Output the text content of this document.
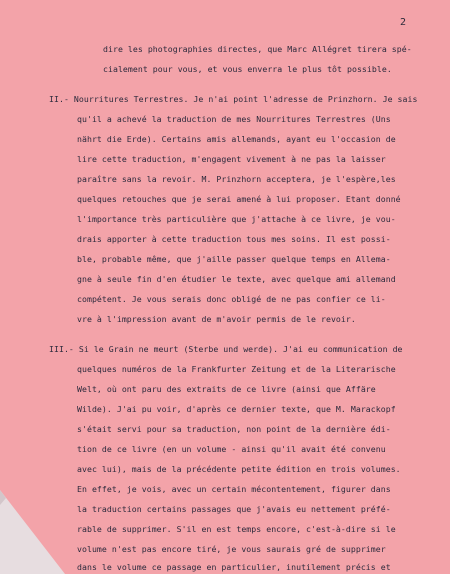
2
dire les photographies directes, que Marc Allégret tirera spé-
cialement pour vous, et vous enverra le plus tôt possible.
II.- Nourritures Terrestres. Je n'ai point l'adresse de Prinzhorn. Je sais
qu'il a achevé la traduction de mes Nourritures Terrestres (Uns
nährt die Erde). Certains amis allemands, ayant eu l'occasion de
lire cette traduction, m'engagent vivement à ne pas la laisser
paraître sans la revoir. M. Prinzhorn acceptera, je l'espère,les
quelques retouches que je serai amené à lui proposer. Etant donné
l'importance très particulière que j'attache à ce livre, je vou-
drais apporter à cette traduction tous mes soins. Il est possi-
ble, probable même, que j'aille passer quelque temps en Allema-
gne à seule fin d'en étudier le texte, avec quelque ami allemand
compétent. Je vous serais donc obligé de ne pas confier ce li-
vre à l'impression avant de m'avoir permis de le revoir.
III.- Si le Grain ne meurt (Sterbe und werde). J'ai eu communication de
quelques numéros de la Frankfurter Zeitung et de la Literarische
Welt, où ont paru des extraits de ce livre (ainsi que Affäre
Wilde). J'ai pu voir, d'après ce dernier texte, que M. Marackopf
s'était servi pour sa traduction, non point de la dernière édi-
tion de ce livre (en un volume - ainsi qu'il avait été convenu
avec lui), mais de la précédente petite édition en trois volumes.
En effet, je vois, avec un certain mécontentement, figurer dans
la traduction certains passages que j'avais eu nettement préfé-
rable de supprimer. S'il en est temps encore, c'est-à-dire si le
volume n'est pas encore tiré, je vous saurais gré de supprimer
dans le volume ce passage en particulier, inutilement précis et
